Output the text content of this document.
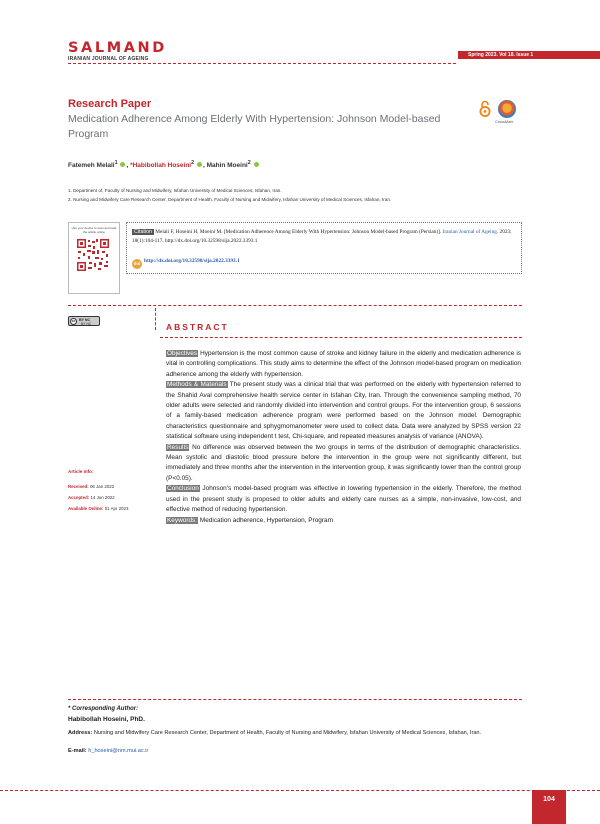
SALMAND
IRANIAN JOURNAL OF AGEING
Spring 2023. Vol 18. Issue 1
Research Paper
Medication Adherence Among Elderly With Hypertension: Johnson Model-based Program
CrossMark
Fatemeh Melali$^1$ , *Habibollah Hoseini$^2$ , Mahin Moeini$^2$
1. Department of, Faculty of Nursing and Midwifery, Isfahan University of Medical Sciences, Isfahan, Iran.
2. Nursing and Midwifery Care Research Center, Department of Health, Faculty of Nursing and Midwifery, Isfahan University of Medical Sciences, Isfahan, Iran.
Use your device to scan and read the article online	Citation Melali F, Hoseini H, Moeini M. [Medication Adherence Among Elderly With Hypertension: Johnson Model-based Program (Persian)]. Iranian Journal of Ageing. 2023; 18(1):104-117. http://dx.doi.org/10.32598/sija.2022.3393.1
doi http://dx.doi.org/10.32598/sija.2022.3393.1
cc	BY NC
BY NC	ABSTRACT

Objectives Hypertension is the most common cause of stroke and kidney failure in the elderly and medication adherence is vital in controlling complications. This study aims to determine the effect of the Johnson model-based program on medication adherence among the elderly with hypertension.

Methods & Materials The present study was a clinical trial that was performed on the elderly with hypertension referred to the Shahid Aval comprehensive health service center in Isfahan City, Iran. Through the convenience sampling method, 70 older adults were selected and randomly divided into intervention and control groups. For the intervention group, 6 sessions of a family-based medication adherence program were performed based on the Johnson model. Demographic characteristics questionnaire and sphygmomanometer were used to collect data. Data were analyzed by SPSS version 22 statistical software using independent t test, Chi-square, and repeated measures analysis of variance (ANOVA).

Results No difference was observed between the two groups in terms of the distribution of demographic characteristics. Mean systolic and diastolic blood pressure before the intervention in the group were not significantly different, but immediately and three months after the intervention in the intervention group, it was significantly lower than the control group (P<0.05).

Conclusion Johnson's model-based program was effective in lowering hypertension in the elderly. Therefore, the method used in the present study is proposed to older adults and elderly care nurses as a simple, non-invasive, low-cost, and effective method of reducing hypertension.

Keywords: Medication adherence, Hypertension, Program

Article Info:
Received: 06 Jan 2022
Accepted: 14 Jun 2022
Available Online: 01 Apr 2023
* Corresponding Author:
Habibollah Hoseini, PhD.
Address: Nursing and Midwifery Care Research Center, Department of Health, Faculty of Nursing and Midwifery, Isfahan University of Medical Sciences, Isfahan, Iran.
E-mail: h_hoseini@nm.mui.ac.ir
104
